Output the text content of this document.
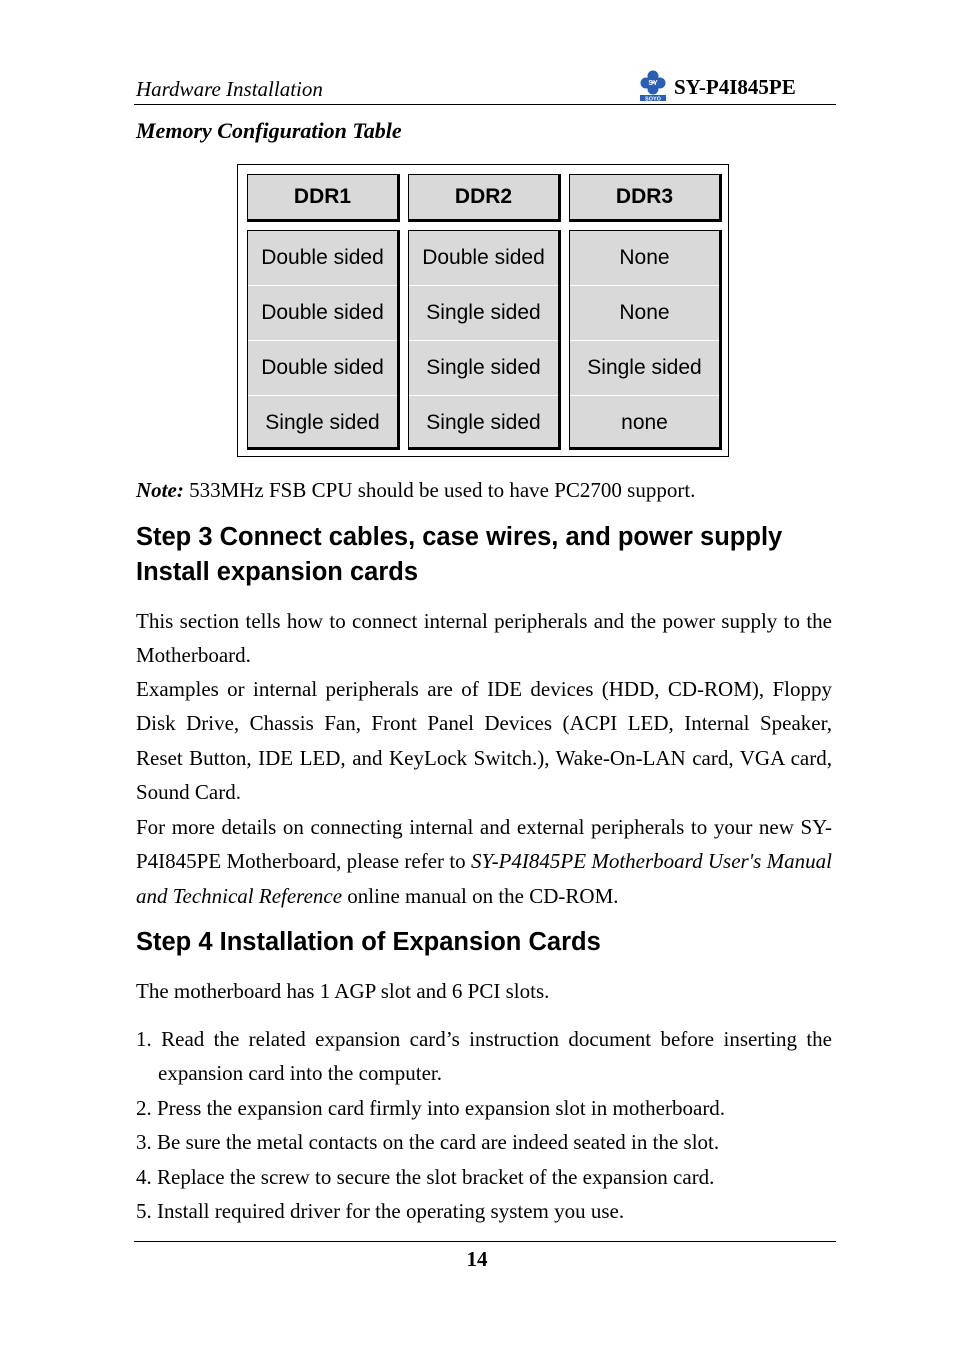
Hardware Installation	SY
SOYO
SY-P4I845PE
Memory Configuration Table
DDR1
Double sided
Double sided
Double sided
Single sided
DDR2
Double sided
Single sided
Single sided
Single sided
DDR3
None
None
Single sided
none
Note: 533MHz FSB CPU should be used to have PC2700 support.
Step 3 Connect cables, case wires, and power supply
Install expansion cards
This section tells how to connect internal peripherals and the power supply to the Motherboard.
Examples or internal peripherals are of IDE devices (HDD, CD-ROM), Floppy Disk Drive, Chassis Fan, Front Panel Devices (ACPI LED, Internal Speaker, Reset Button, IDE LED, and KeyLock Switch.), Wake-On-LAN card, VGA card, Sound Card.
For more details on connecting internal and external peripherals to your new SY-P4I845PE Motherboard, please refer to SY-P4I845PE Motherboard User's Manual and Technical Reference online manual on the CD-ROM.
Step 4 Installation of Expansion Cards
The motherboard has 1 AGP slot and 6 PCI slots.
1. Read the related expansion card’s instruction document before inserting the expansion card into the computer.
2. Press the expansion card firmly into expansion slot in motherboard.
3. Be sure the metal contacts on the card are indeed seated in the slot.
4. Replace the screw to secure the slot bracket of the expansion card.
5. Install required driver for the operating system you use.
14
